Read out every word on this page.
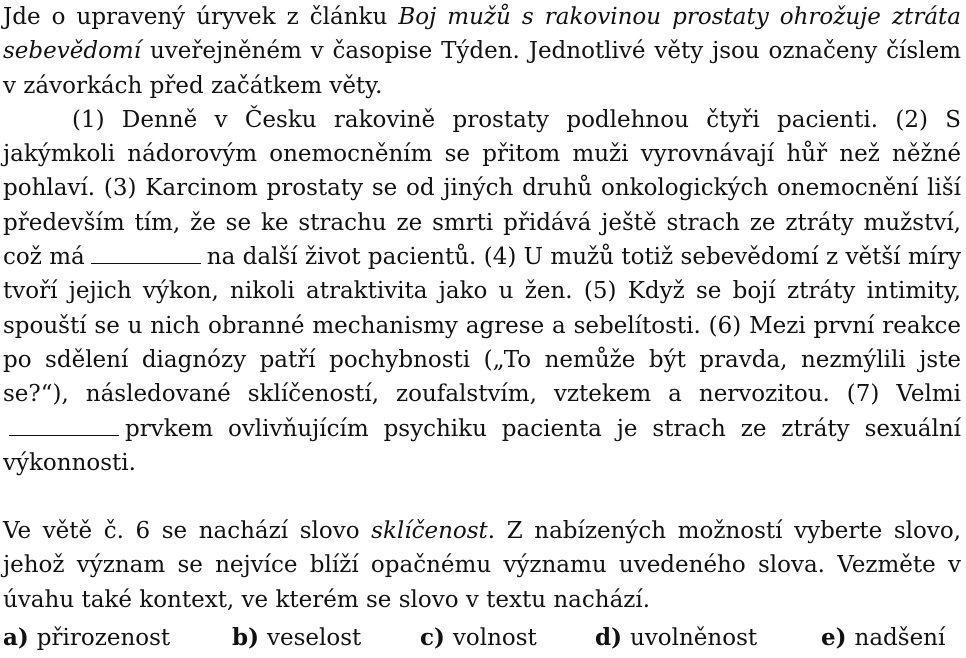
Jde o upravený úryvek z článku Boj mužů s rakovinou prostaty ohrožuje ztráta sebevědomí uveřejněném v časopise Týden. Jednotlivé věty jsou označeny číslem v závorkách před začátkem věty.

(1) Denně v Česku rakovině prostaty podlehnou čtyři pacienti. (2) S jakýmkoli nádorovým onemocněním se přitom muži vyrovnávají hůř než něžné pohlaví. (3) Karcinom prostaty se od jiných druhů onkologických onemocnění liší především tím, že se ke strachu ze smrti přidává ještě strach ze ztráty mužství, což má	na další život pacientů. (4) U mužů totiž sebevědomí z větší míry tvoří jejich výkon, nikoli atraktivita jako u žen. (5) Když se bojí ztráty intimity, spouští se u nich obranné mechanismy agrese a sebelítosti. (6) Mezi první reakce po sdělení diagnózy patří pochybnosti („To nemůže být pravda, nezmýlili jste se?“), následované sklíčeností, zoufalstvím, vztekem a nervozitou. (7) Velmiprvkem ovlivňujícím psychiku pacienta je strach ze ztráty sexuální výkonnosti.

Ve větě č. 6 se nachází slovo sklíčenost. Z nabízených možností vyberte slovo, jehož význam se nejvíce blíží opačnému významu uvedeného slova. Vezměte v úvahu také kontext, ve kterém se slovo v textu nachází.

a) přirozenost	b) veselost	c) volnost	d) uvolněnost	e) nadšení
